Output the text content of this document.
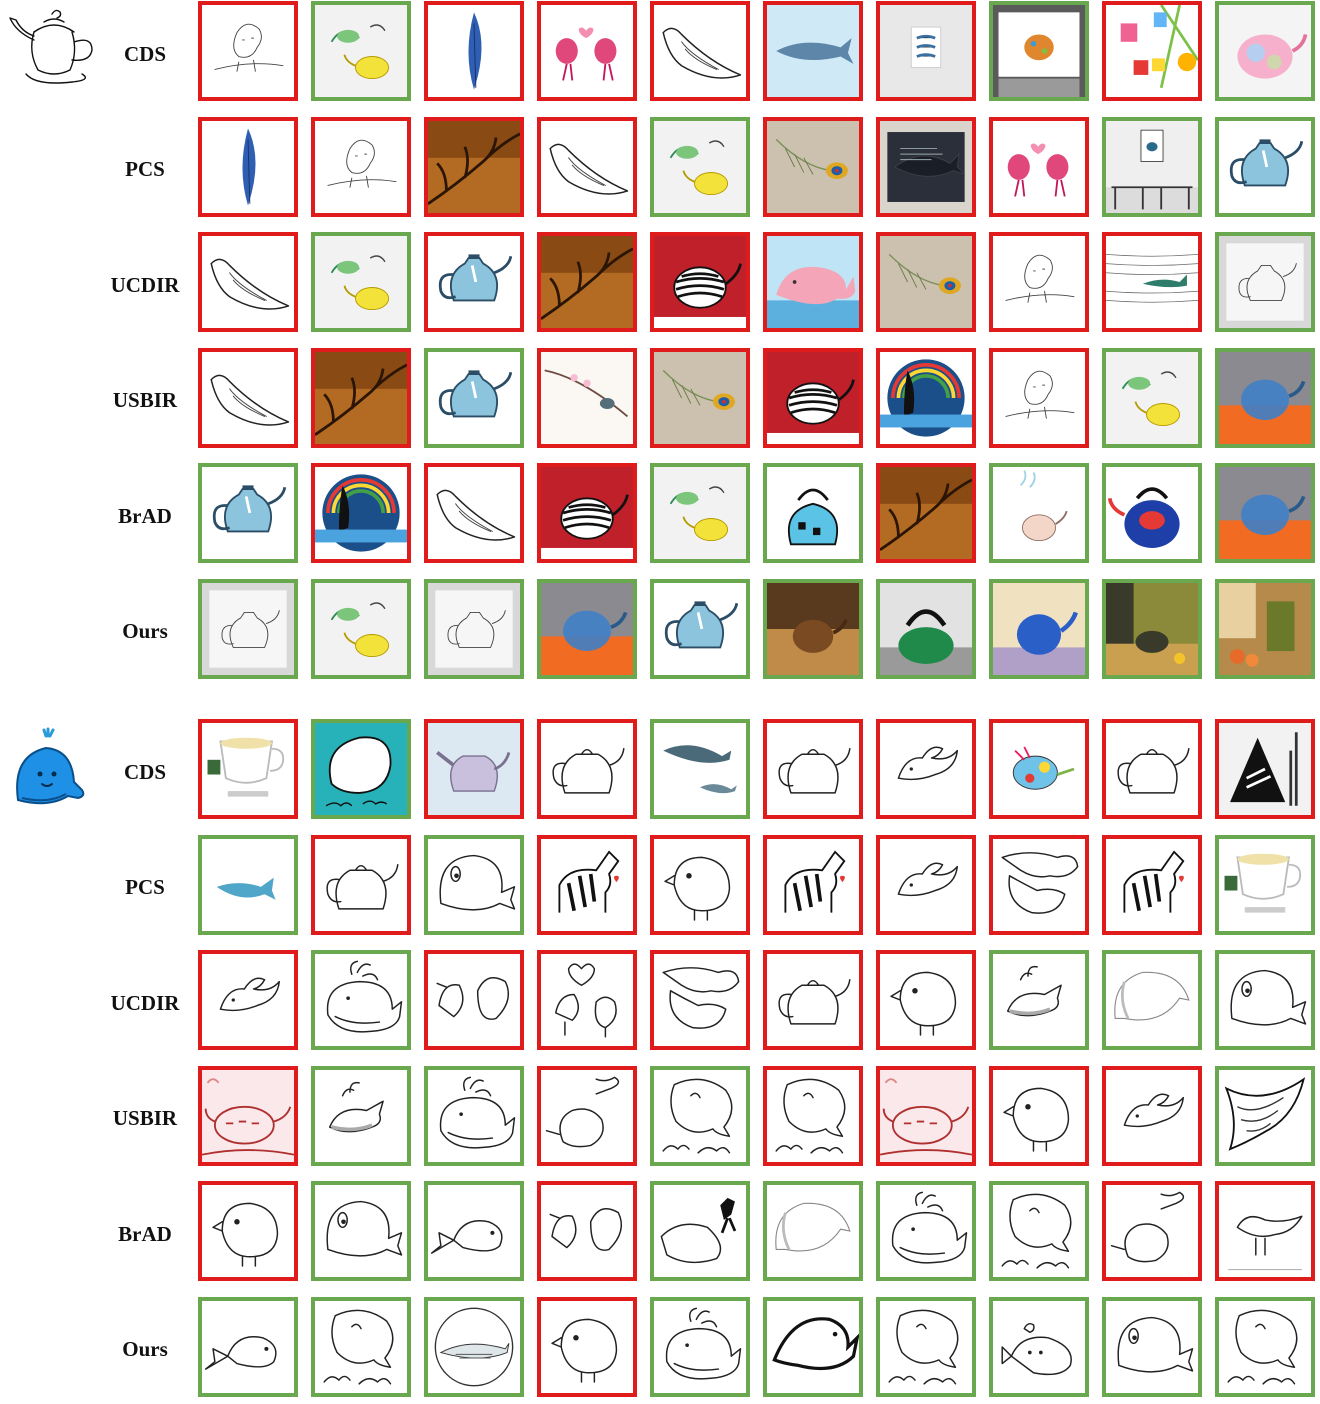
CDS
PCS
UCDIR
USBIR
BrAD
Ours
CDS
PCS
UCDIR
USBIR
BrAD
Ours
